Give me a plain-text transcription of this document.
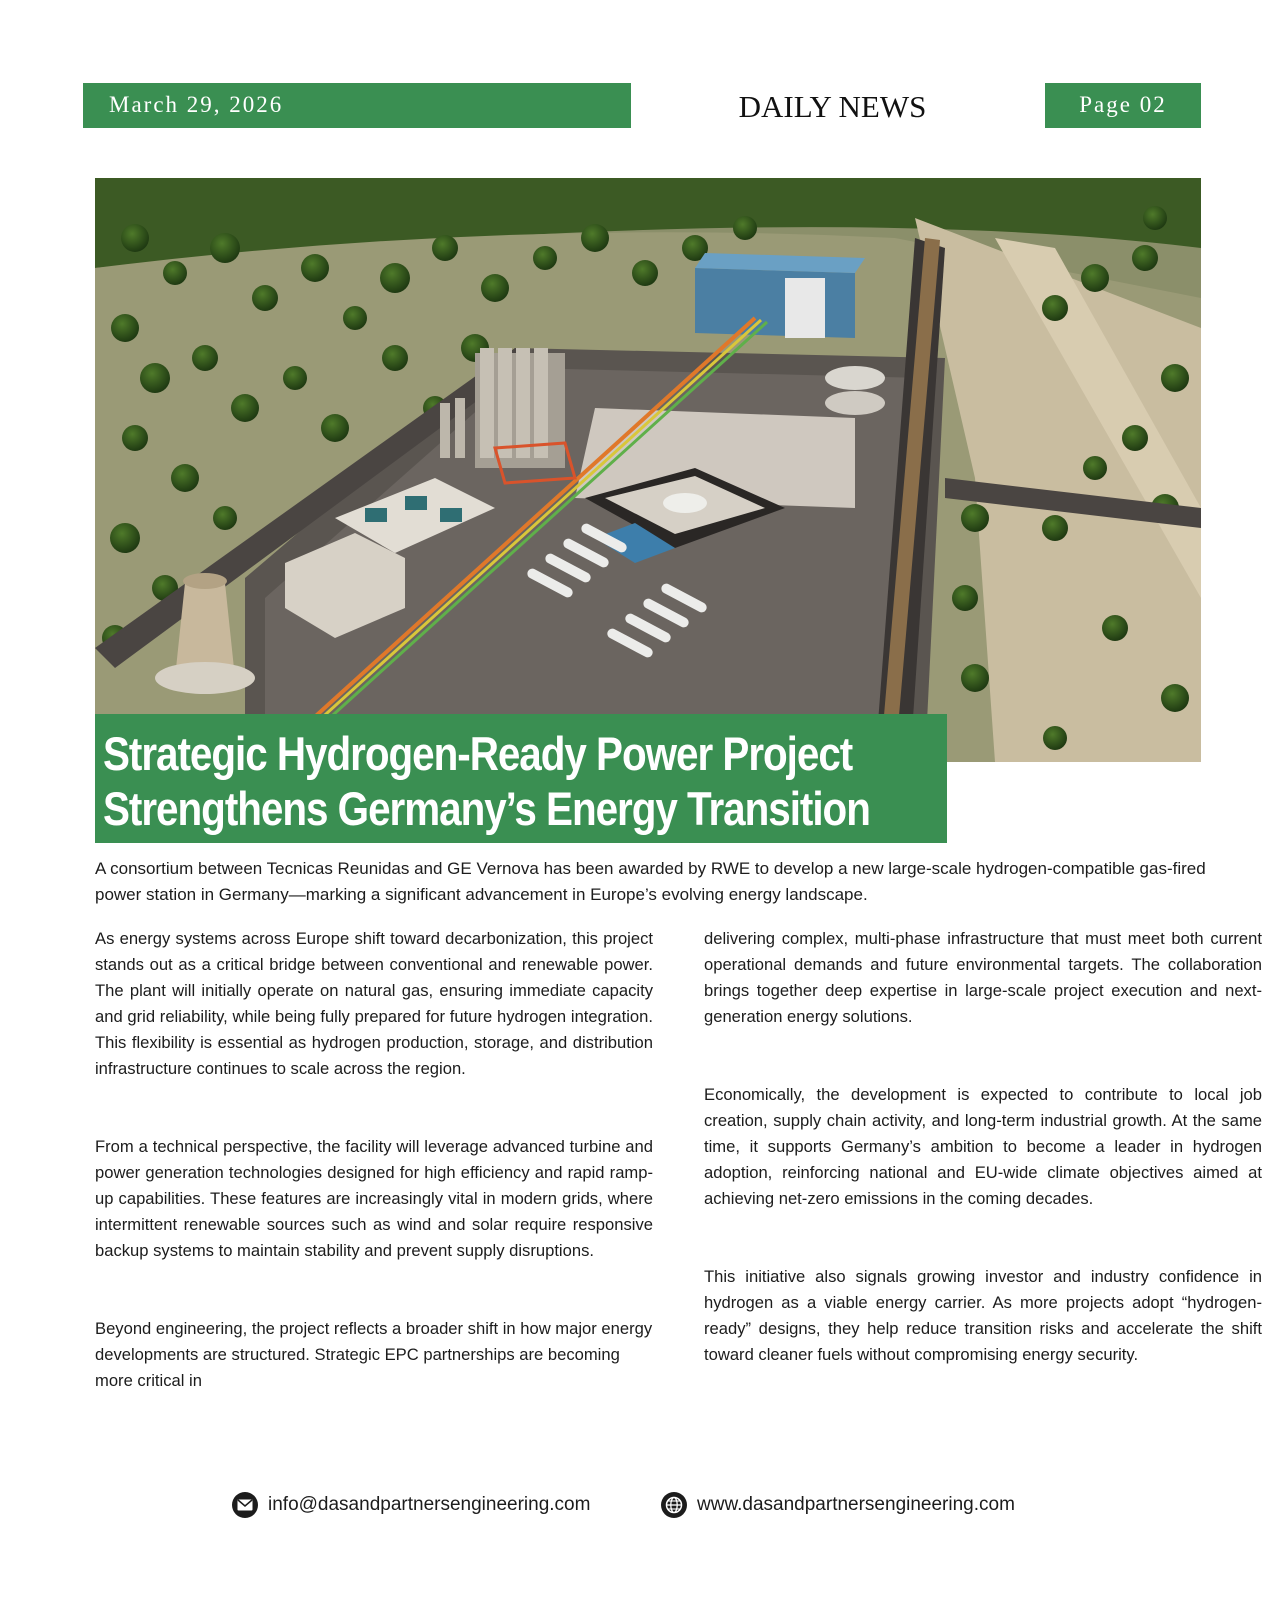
March 29, 2026	DAILY NEWS	Page 02
Strategic Hydrogen-Ready Power Project
Strengthens Germany’s Energy Transition

A consortium between Tecnicas Reunidas and GE Vernova has been awarded by RWE to develop a new large-scale hydrogen-compatible gas-fired power station in Germany—marking a significant advancement in Europe’s evolving energy landscape.

As energy systems across Europe shift toward decarbonization, this project stands out as a critical bridge between conventional and renewable power. The plant will initially operate on natural gas, ensuring immediate capacity and grid reliability, while being fully prepared for future hydrogen integration. This flexibility is essential as hydrogen production, storage, and distribution infrastructure continues to scale across the region.

From a technical perspective, the facility will leverage advanced turbine and power generation technologies designed for high efficiency and rapid ramp-up capabilities. These features are increasingly vital in modern grids, where intermittent renewable sources such as wind and solar require responsive backup systems to maintain stability and prevent supply disruptions.

Beyond engineering, the project reflects a broader shift in how major energy developments are structured. Strategic EPC partnerships are becoming more critical in

delivering complex, multi-phase infrastructure that must meet both current operational demands and future environmental targets. The collaboration brings together deep expertise in large-scale project execution and next-generation energy solutions.

Economically, the development is expected to contribute to local job creation, supply chain activity, and long-term industrial growth. At the same time, it supports Germany’s ambition to become a leader in hydrogen adoption, reinforcing national and EU-wide climate objectives aimed at achieving net-zero emissions in the coming decades.

This initiative also signals growing investor and industry confidence in hydrogen as a viable energy carrier. As more projects adopt “hydrogen-ready” designs, they help reduce transition risks and accelerate the shift toward cleaner fuels without compromising energy security.

info@dasandpartnersengineering.com	www.dasandpartnersengineering.com
